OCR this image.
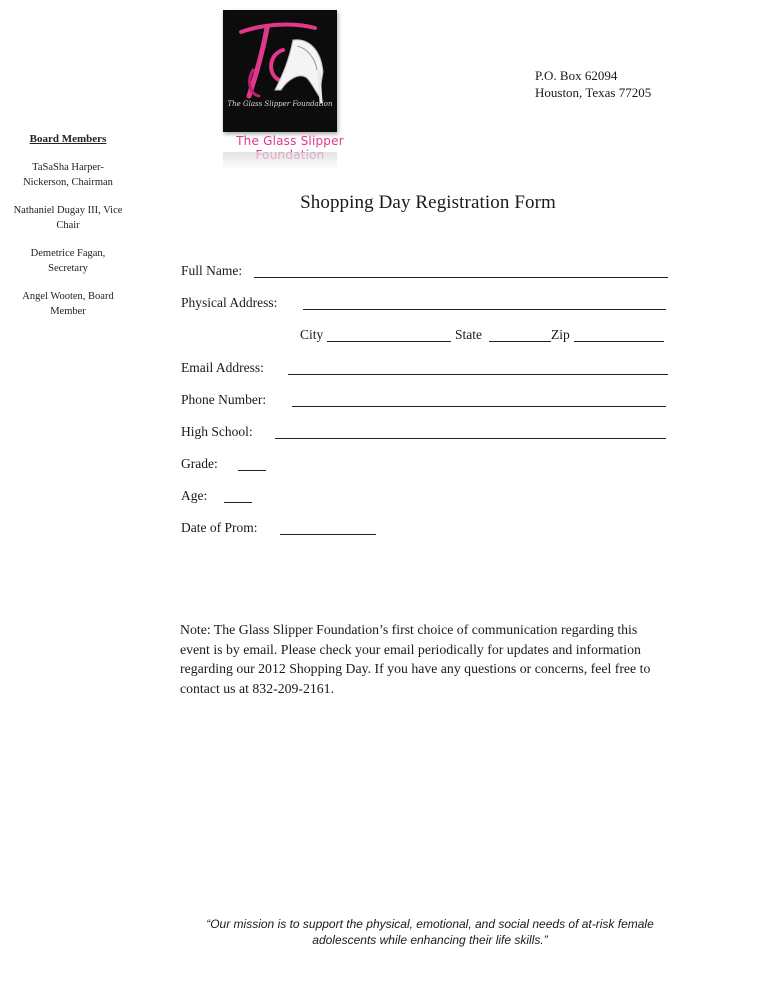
The Glass Slipper Foundation
The Glass Slipper
P.O. Box 62094
Houston, Texas 77205
Board Members
TaSaSha Harper-Nickerson, Chairman
Nathaniel Dugay III, Vice Chair
Demetrice Fagan, Secretary
Angel Wooten, Board Member
Shopping Day Registration Form
Full Name:
Physical Address:
City	State	Zip
Email Address:
Phone Number:
High School:
Grade:
Age:
Date of Prom:
Note: The Glass Slipper Foundation’s first choice of communication regarding this event is by email. Please check your email periodically for updates and information regarding our 2012 Shopping Day. If you have any questions or concerns, feel free to contact us at 832-209-2161.
“Our mission is to support the physical, emotional, and social needs of at-risk female adolescents while enhancing their life skills.”
